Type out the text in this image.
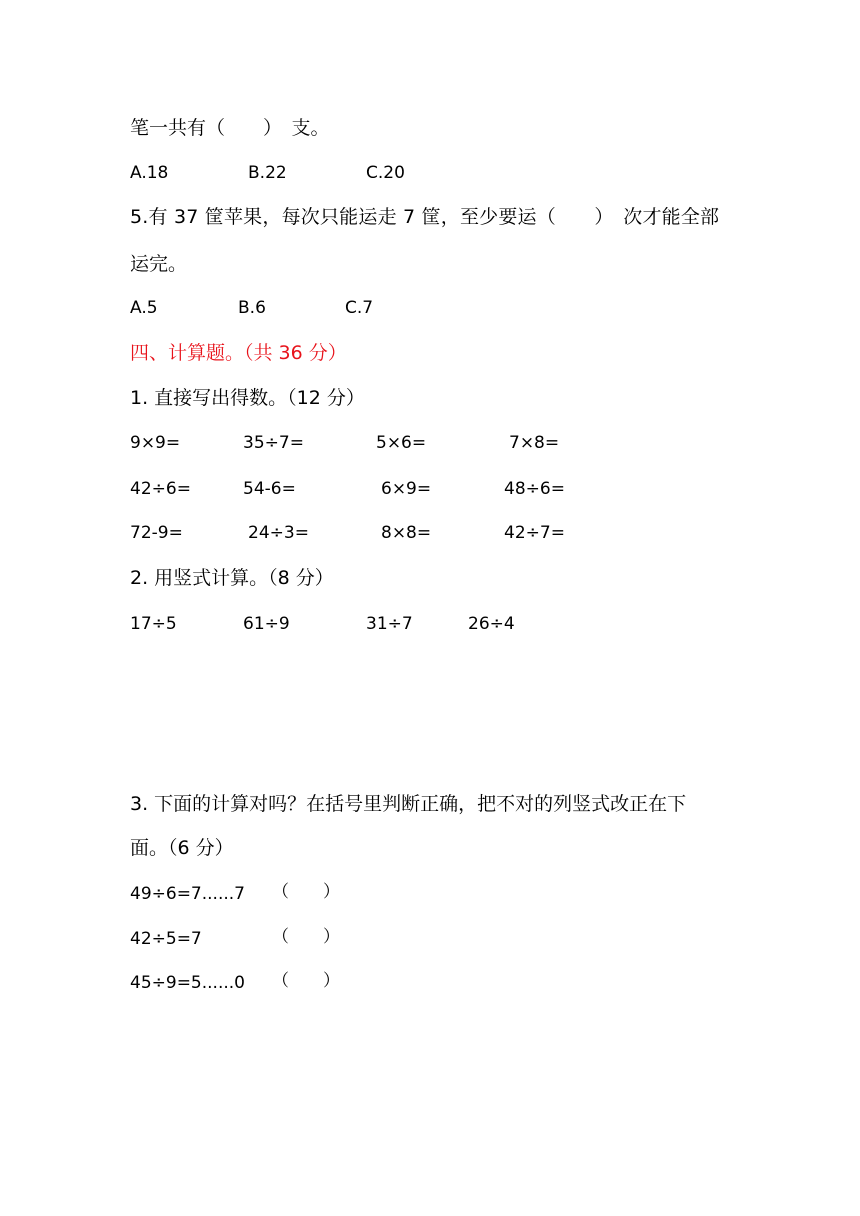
笔一共有（　　）　支。
A.18	B.22	C.20
5.有 37 筐苹果，每次只能运走 7 筐，至少要运（　　）　次才能全部
运完。
A.5	B.6	C.7
四、计算题。（共 36 分）
1. 直接写出得数。（12 分）
9×9=	35÷7=	5×6=	7×8=
42÷6=	54-6=	6×9=	48÷6=
72-9=	24÷3=	8×8=	42÷7=
2. 用竖式计算。（8 分）
17÷5	61÷9	31÷7	26÷4
3. 下面的计算对吗？在括号里判断正确，把不对的列竖式改正在下
面。（6 分）
49÷6=7......7 （　　）
42÷5=7	（　　）
45÷9=5......0 （　　）
